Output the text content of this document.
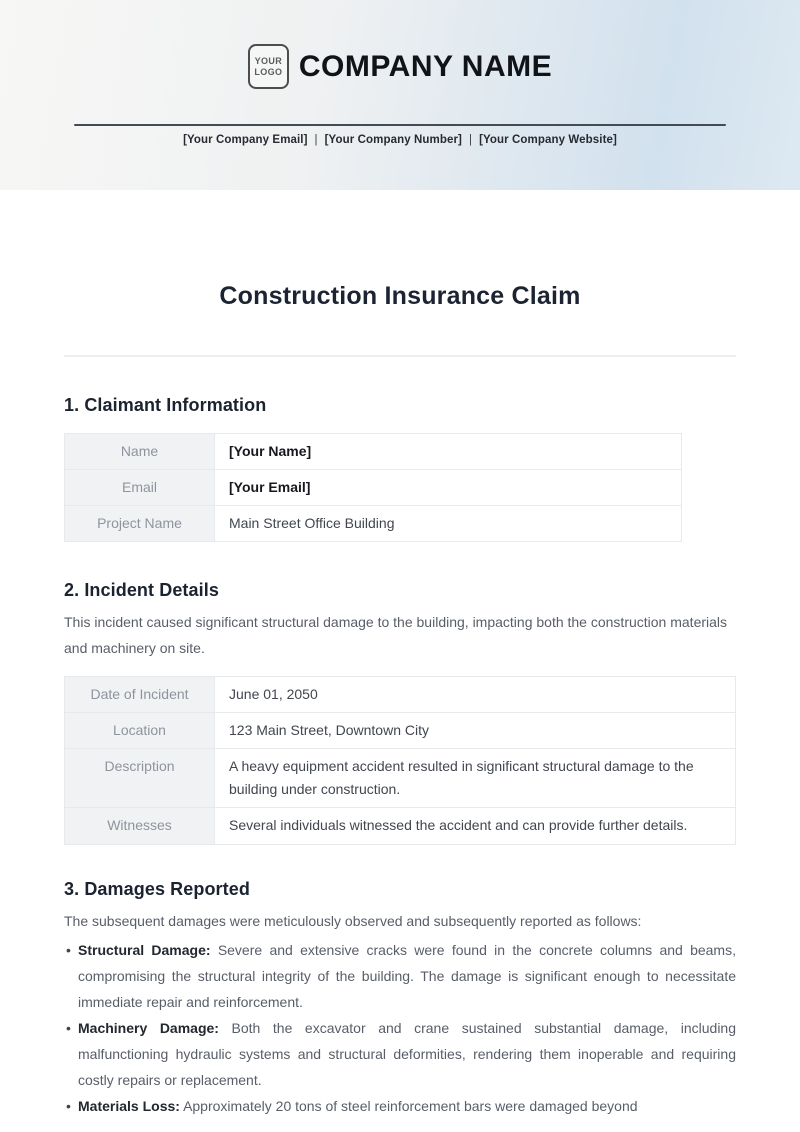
YOUR
LOGO COMPANY NAME
[Your Company Email] | [Your Company Number] | [Your Company Website]
Construction Insurance Claim
1. Claimant Information
Name	[Your Name]
Email	[Your Email]
Project Name	Main Street Office Building
2. Incident Details

This incident caused significant structural damage to the building, impacting both the construction materials and machinery on site.

Date of Incident	June 01, 2050
Location	123 Main Street, Downtown City
Description	A heavy equipment accident resulted in significant structural damage to the building under construction.
Witnesses	Several individuals witnessed the accident and can provide further details.
3. Damages Reported

The subsequent damages were meticulously observed and subsequently reported as follows:

• Structural Damage: Severe and extensive cracks were found in the concrete columns and beams, compromising the structural integrity of the building. The damage is significant enough to necessitate immediate repair and reinforcement.
• Machinery Damage: Both the excavator and crane sustained substantial damage, including malfunctioning hydraulic systems and structural deformities, rendering them inoperable and requiring costly repairs or replacement.
• Materials Loss: Approximately 20 tons of steel reinforcement bars were damaged beyond
